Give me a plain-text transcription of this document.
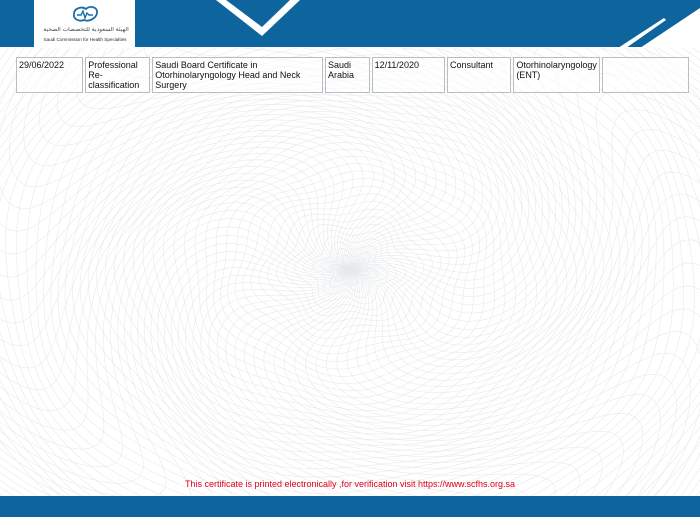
الهيئة السعودية للتخصصات الصحية
Saudi Commission for Health Specialties
29/06/2022	Professional Re-classification	Saudi Board Certificate in Otorhinolaryngology Head and Neck Surgery	Saudi Arabia	12/11/2020	Consultant	Otorhinolaryngology (ENT)	
This certificate is printed electronically ,for verification visit https://www.scfhs.org.sa
